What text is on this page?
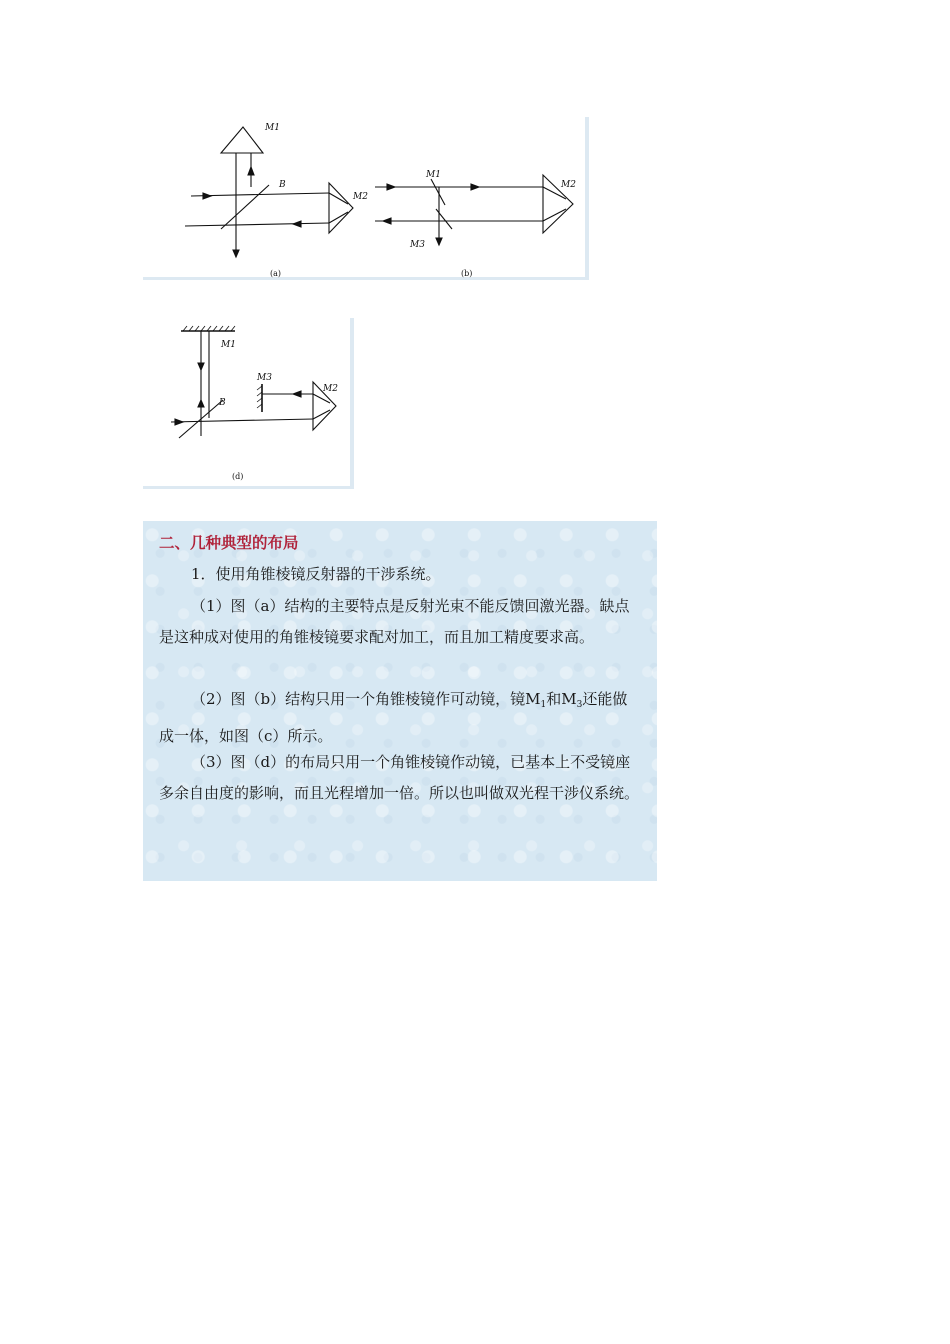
M1
B
M2
M1
M2
M3
(a)	(b)
M1
M3
B
M2
(d)
二、几种典型的布局
1．使用角锥棱镜反射器的干涉系统。
（1）图（a）结构的主要特点是反射光束不能反馈回激光器。缺点是这种成对使用的角锥棱镜要求配对加工，而且加工精度要求高。
（2）图（b）结构只用一个角锥棱镜作可动镜，镜$M_1$和$M_3$还能做成一体，如图（c）所示。
（3）图（d）的布局只用一个角锥棱镜作动镜，已基本上不受镜座多余自由度的影响，而且光程增加一倍。所以也叫做双光程干涉仪系统。
